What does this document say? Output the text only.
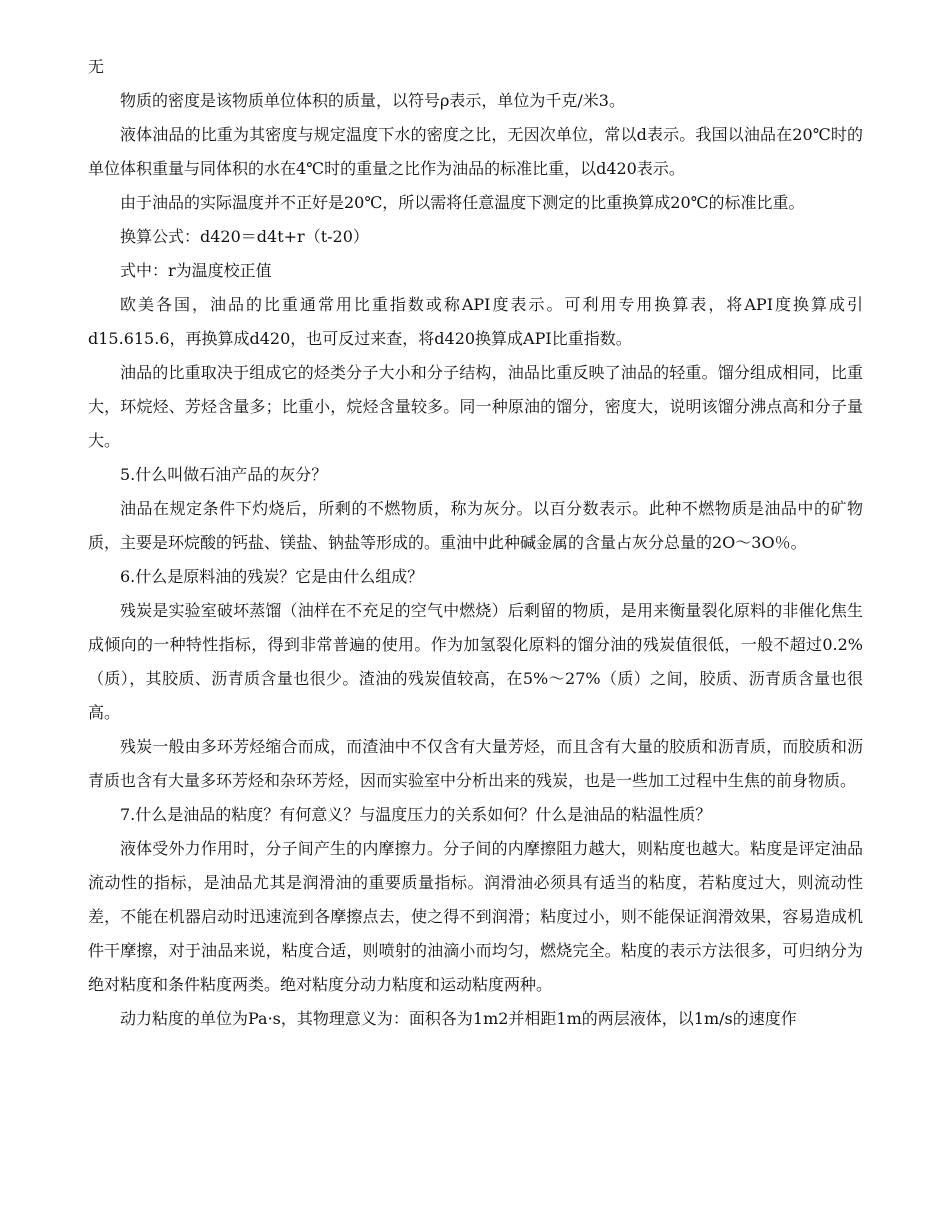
无

物质的密度是该物质单位体积的质量，以符号ρ表示，单位为千克/米3。

液体油品的比重为其密度与规定温度下水的密度之比，无因次单位，常以d表示。我国以油品在20℃时的单位体积重量与同体积的水在4℃时的重量之比作为油品的标准比重，以d420表示。

由于油品的实际温度并不正好是20℃，所以需将任意温度下测定的比重换算成20℃的标准比重。

换算公式：d420＝d4t+r（t-20）

式中：r为温度校正值

欧美各国，油品的比重通常用比重指数或称API度表示。可利用专用换算表，将API度换算成引d15.615.6，再换算成d420，也可反过来查，将d420换算成API比重指数。

油品的比重取决于组成它的烃类分子大小和分子结构，油品比重反映了油品的轻重。馏分组成相同，比重大，环烷烃、芳烃含量多；比重小，烷烃含量较多。同一种原油的馏分，密度大，说明该馏分沸点高和分子量大。

5.什么叫做石油产品的灰分？

油品在规定条件下灼烧后，所剩的不燃物质，称为灰分。以百分数表示。此种不燃物质是油品中的矿物质，主要是环烷酸的钙盐、镁盐、钠盐等形成的。重油中此种碱金属的含量占灰分总量的2O～3O％。

6.什么是原料油的残炭？它是由什么组成？

残炭是实验室破坏蒸馏（油样在不充足的空气中燃烧）后剩留的物质，是用来衡量裂化原料的非催化焦生成倾向的一种特性指标，得到非常普遍的使用。作为加氢裂化原料的馏分油的残炭值很低，一般不超过0.2%（质），其胶质、沥青质含量也很少。渣油的残炭值较高，在5%～27%（质）之间，胶质、沥青质含量也很高。

残炭一般由多环芳烃缩合而成，而渣油中不仅含有大量芳烃，而且含有大量的胶质和沥青质，而胶质和沥青质也含有大量多环芳烃和杂环芳烃，因而实验室中分析出来的残炭，也是一些加工过程中生焦的前身物质。

7.什么是油品的粘度？有何意义？与温度压力的关系如何？什么是油品的粘温性质？

液体受外力作用时，分子间产生的内摩擦力。分子间的内摩擦阻力越大，则粘度也越大。粘度是评定油品流动性的指标，是油品尤其是润滑油的重要质量指标。润滑油必须具有适当的粘度，若粘度过大，则流动性差，不能在机器启动时迅速流到各摩擦点去，使之得不到润滑；粘度过小，则不能保证润滑效果，容易造成机件干摩擦，对于油品来说，粘度合适，则喷射的油滴小而均匀，燃烧完全。粘度的表示方法很多，可归纳分为绝对粘度和条件粘度两类。绝对粘度分动力粘度和运动粘度两种。

动力粘度的单位为Pa·s，其物理意义为：面积各为1m2并相距1m的两层液体，以1m/s的速度作
